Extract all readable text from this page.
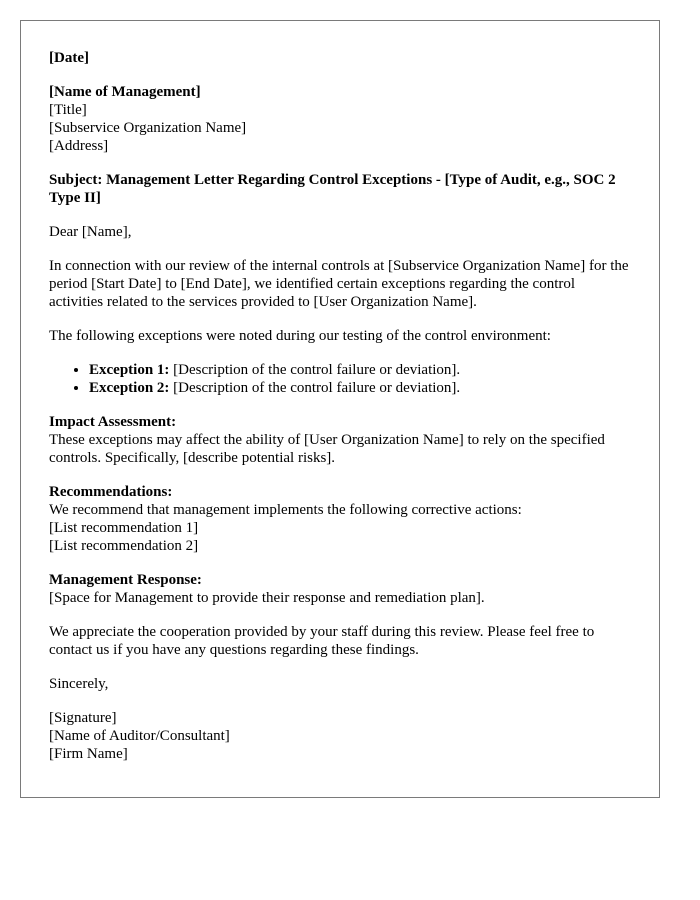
[Date]
[Name of Management]
[Title]
[Subservice Organization Name]
[Address]

Subject: Management Letter Regarding Control Exceptions - [Type of Audit, e.g., SOC 2 Type II]

Dear [Name],

In connection with our review of the internal controls at [Subservice Organization Name] for the period [Start Date] to [End Date], we identified certain exceptions regarding the control activities related to the services provided to [User Organization Name].

The following exceptions were noted during our testing of the control environment:

• Exception 1: [Description of the control failure or deviation].
• Exception 2: [Description of the control failure or deviation].
Impact Assessment:
These exceptions may affect the ability of [User Organization Name] to rely on the specified controls. Specifically, [describe potential risks].
Recommendations:
We recommend that management implements the following corrective actions:
[List recommendation 1]
[List recommendation 2]
Management Response:
[Space for Management to provide their response and remediation plan].

We appreciate the cooperation provided by your staff during this review. Please feel free to contact us if you have any questions regarding these findings.

Sincerely,

[Signature]
[Name of Auditor/Consultant]
[Firm Name]
